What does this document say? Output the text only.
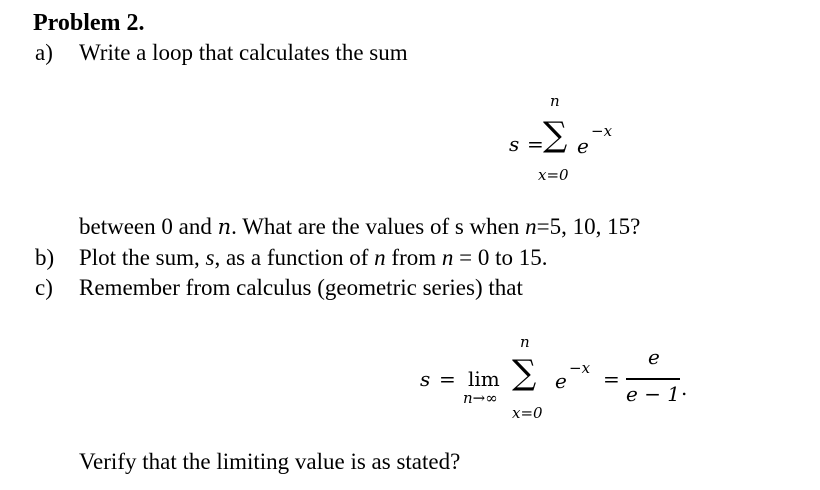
Problem 2.
a) Write a loop that calculates the sum
n
s = ∑ e
−x
x=0
between 0 and n. What are the values of s when n=5, 10, 15?
b) Plot the sum, s, as a function of n from n = 0 to 15.
c) Remember from calculus (geometric series) that
n
s = lim
n→∞
∑ e
−x =
e
e − 1 .
x=0
Verify that the limiting value is as stated?
